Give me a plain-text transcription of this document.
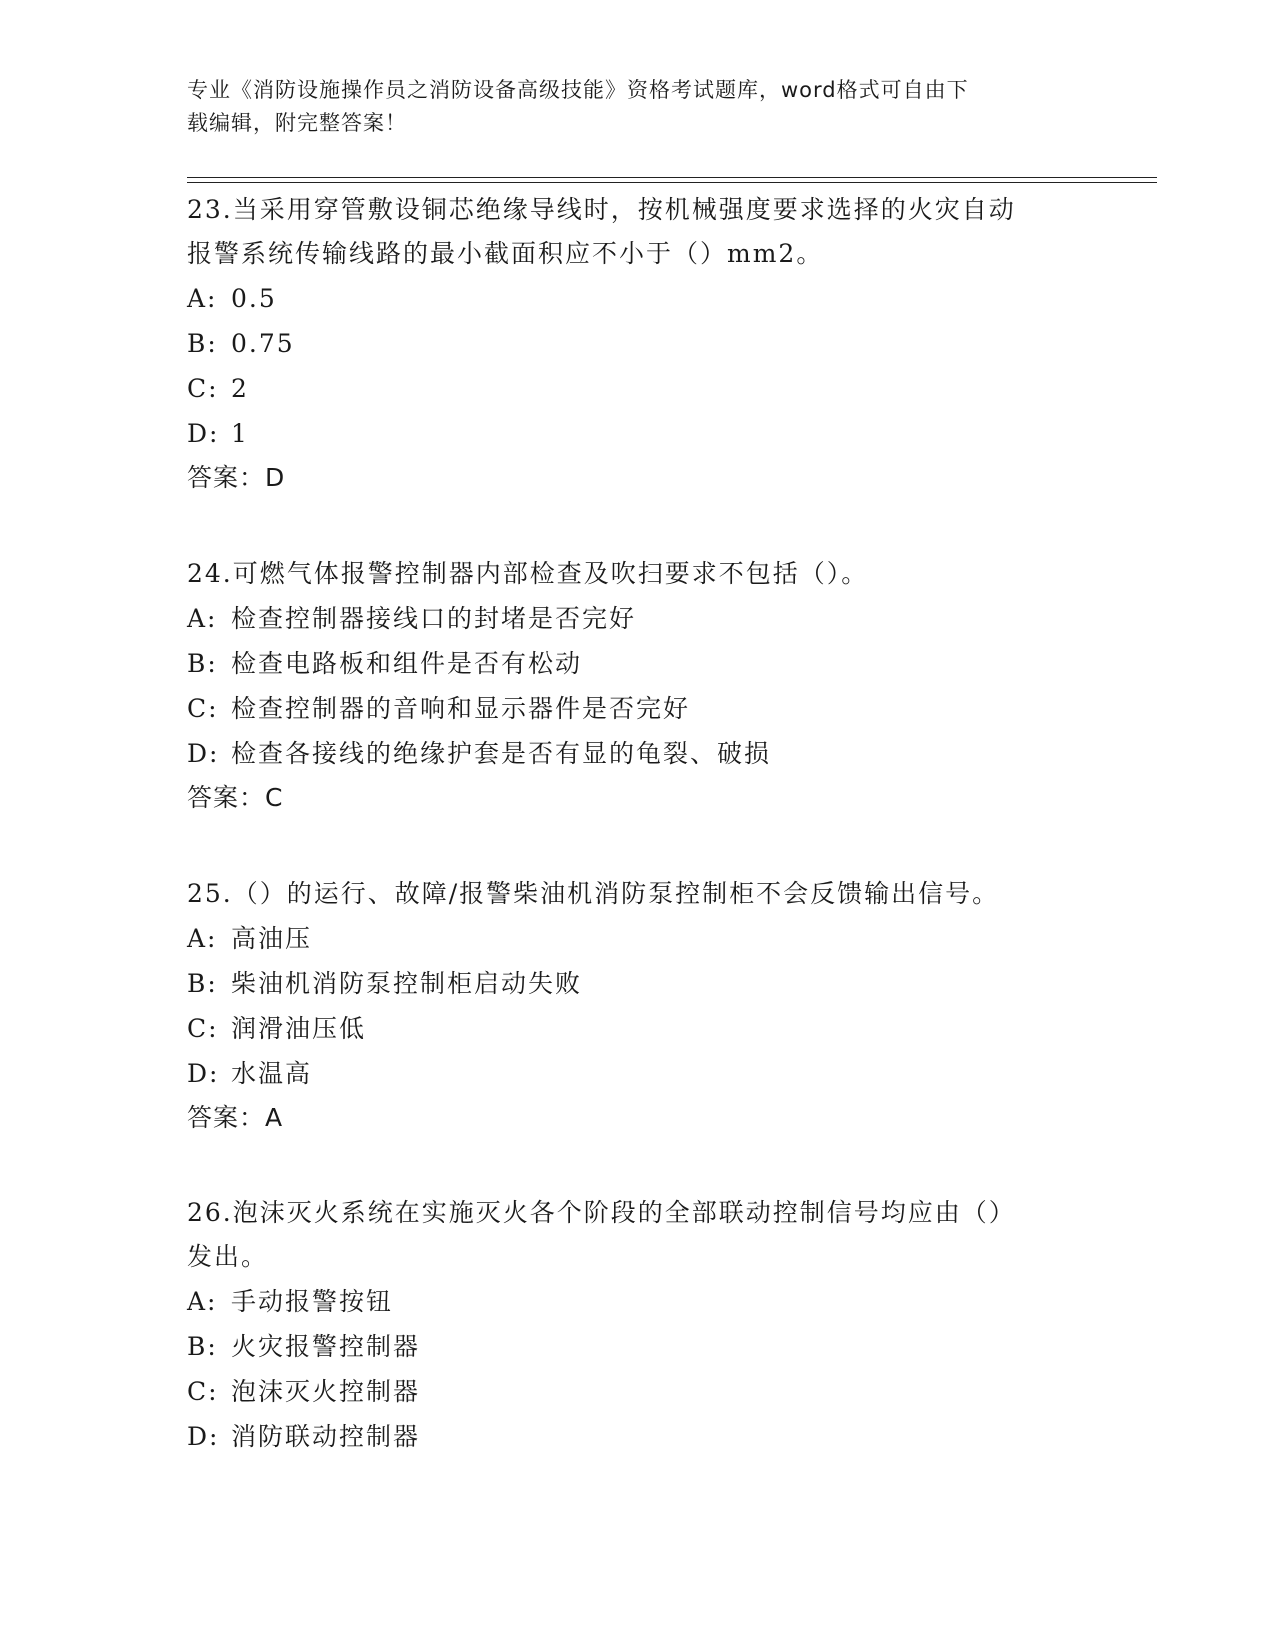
专业《消防设施操作员之消防设备高级技能》资格考试题库，word格式可自由下
载编辑，附完整答案！
23.当采用穿管敷设铜芯绝缘导线时，按机械强度要求选择的火灾自动
报警系统传输线路的最小截面积应不小于（）mm2。
A: 0.5
B: 0.75
C: 2
D: 1
答案：D
24.可燃气体报警控制器内部检查及吹扫要求不包括（）。
A: 检查控制器接线口的封堵是否完好
B: 检查电路板和组件是否有松动
C: 检查控制器的音响和显示器件是否完好
D: 检查各接线的绝缘护套是否有显的龟裂、破损
答案：C
25.（）的运行、故障/报警柴油机消防泵控制柜不会反馈输出信号。
A: 高油压
B: 柴油机消防泵控制柜启动失败
C: 润滑油压低
D: 水温高
答案：A
26.泡沫灭火系统在实施灭火各个阶段的全部联动控制信号均应由（）
发出。
A: 手动报警按钮
B: 火灾报警控制器
C: 泡沫灭火控制器
D: 消防联动控制器
